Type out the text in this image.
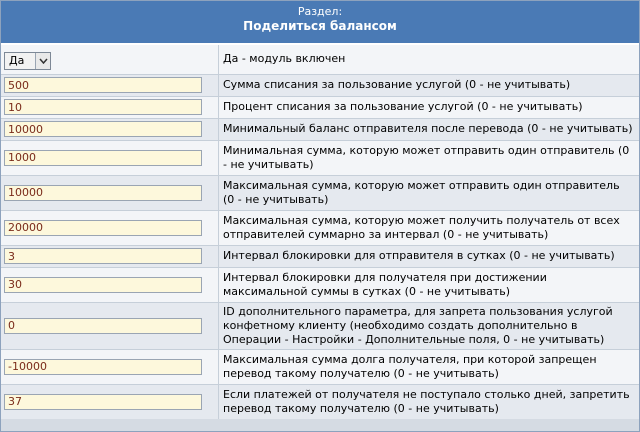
Раздел:
Поделиться балансом
Да	Да - модуль включен

500	Сумма списания за пользование услугой (0 - не учитывать)

10	Процент списания за пользование услугой (0 - не учитывать)

10000	Минимальный баланс отправителя после перевода (0 - не учитывать)

1000	Минимальная сумма, которую может отправить один отправитель (0 - не учитывать)

10000	Максимальная сумма, которую может отправить один отправитель (0 - не учитывать)

20000	Максимальная сумма, которую может получить получатель от всех отправителей суммарно за интервал (0 - не учитывать)

3	Интервал блокировки для отправителя в сутках (0 - не учитывать)

30	Интервал блокировки для получателя при достижении максимальной суммы в сутках (0 - не учитывать)

0	ID дополнительного параметра, для запрета пользования услугой конфетному клиенту (необходимо создать дополнительно в Операции - Настройки - Дополнительные поля, 0 - не учитывать)

-10000	Максимальная сумма долга получателя, при которой запрещен перевод такому получателю (0 - не учитывать)

37	Если платежей от получателя не поступало столько дней, запретить перевод такому получателю (0 - не учитывать)
